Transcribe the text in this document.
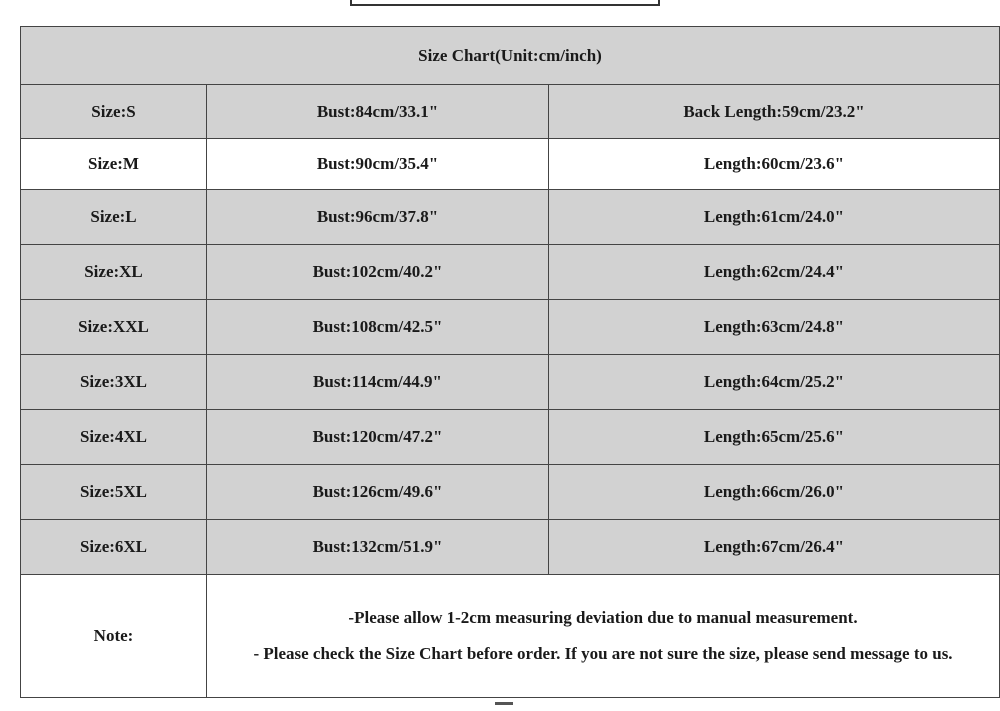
Size Chart(Unit:cm/inch)		
Size:S	Bust:84cm/33.1"	Back Length:59cm/23.2"
Size:M	Bust:90cm/35.4"	Length:60cm/23.6"
Size:L	Bust:96cm/37.8"	Length:61cm/24.0"
Size:XL	Bust:102cm/40.2"	Length:62cm/24.4"
Size:XXL	Bust:108cm/42.5"	Length:63cm/24.8"
Size:3XL	Bust:114cm/44.9"	Length:64cm/25.2"
Size:4XL	Bust:120cm/47.2"	Length:65cm/25.6"
Size:5XL	Bust:126cm/49.6"	Length:66cm/26.0"
Size:6XL	Bust:132cm/51.9"	Length:67cm/26.4"
Note:	-Please allow 1-2cm measuring deviation due to manual measurement.

- Please check the Size Chart before order. If you are not sure the size, please send message to us.	
